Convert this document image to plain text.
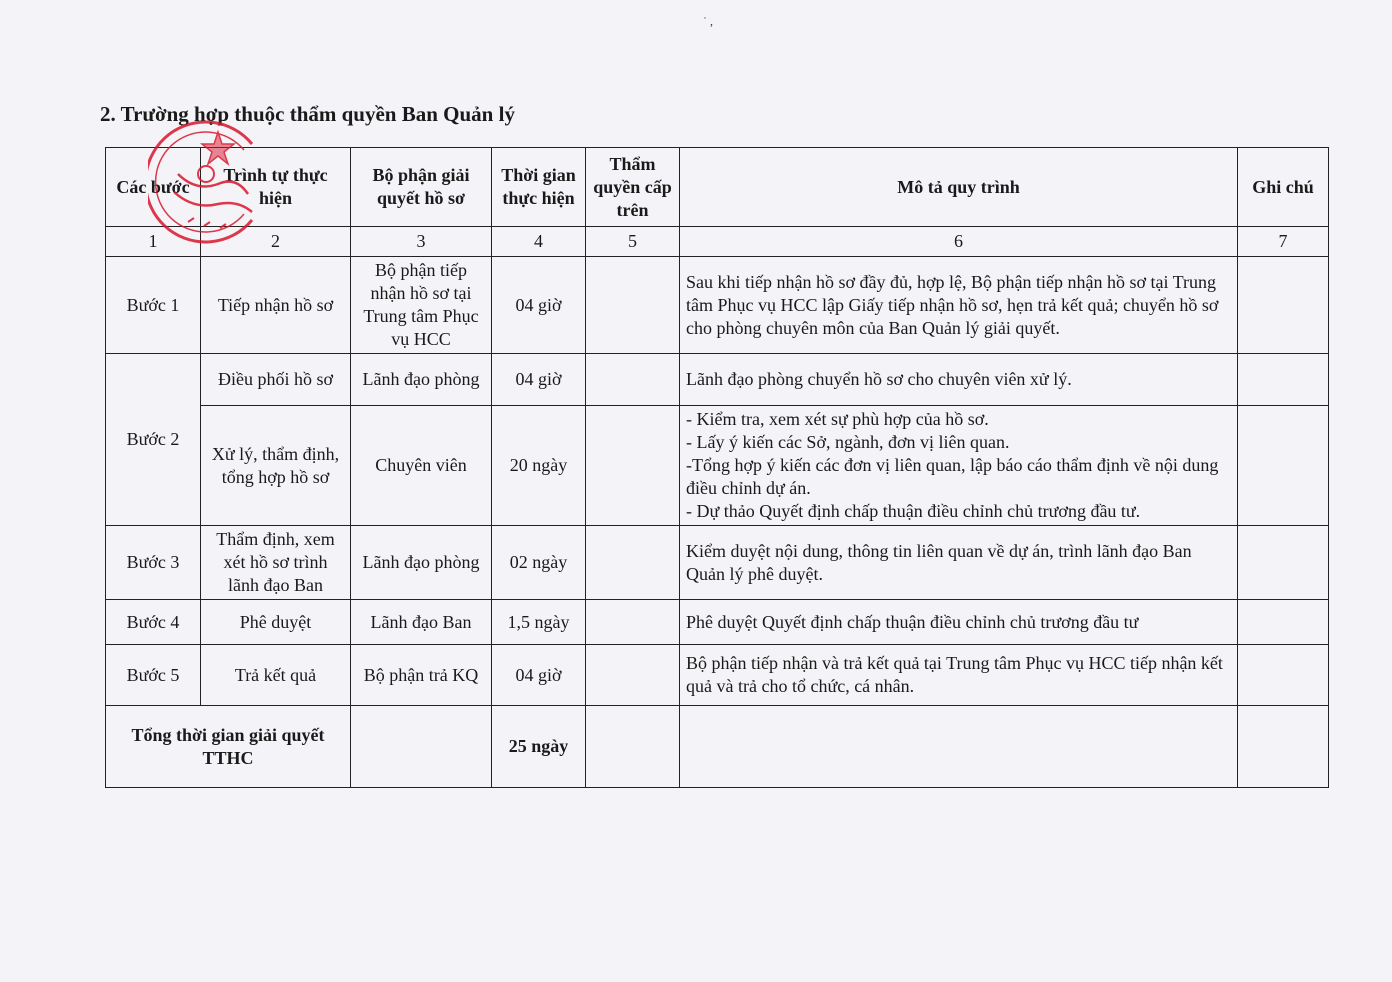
˙ ,
2. Trường hợp thuộc thẩm quyền Ban Quản lý
Các bước	Trình tự thực hiện	Bộ phận giải quyết hồ sơ	Thời gian thực hiện	Thẩm quyền cấp trên	Mô tả quy trình	Ghi chú
1	2	3	4	5	6	7
Bước 1	Tiếp nhận hồ sơ	Bộ phận tiếp nhận hồ sơ tại Trung tâm Phục vụ HCC	04 giờ		Sau khi tiếp nhận hồ sơ đầy đủ, hợp lệ, Bộ phận tiếp nhận hồ sơ tại Trung tâm Phục vụ HCC lập Giấy tiếp nhận hồ sơ, hẹn trả kết quả; chuyển hồ sơ cho phòng chuyên môn của Ban Quản lý giải quyết.	

Bước 2	Điều phối hồ sơ	Lãnh đạo phòng	04 giờ		Lãnh đạo phòng chuyển hồ sơ cho chuyên viên xử lý.	

	Xử lý, thẩm định, tổng hợp hồ sơ	Chuyên viên	20 ngày		- Kiểm tra, xem xét sự phù hợp của hồ sơ.
- Lấy ý kiến các Sở, ngành, đơn vị liên quan.
-Tổng hợp ý kiến các đơn vị liên quan, lập báo cáo thẩm định về nội dung điều chỉnh dự án.
- Dự thảo Quyết định chấp thuận điều chỉnh chủ trương đầu tư.	

Bước 3	Thẩm định, xem xét hồ sơ trình lãnh đạo Ban	Lãnh đạo phòng	02 ngày		Kiểm duyệt nội dung, thông tin liên quan về dự án, trình lãnh đạo Ban Quản lý phê duyệt.	

Bước 4	Phê duyệt	Lãnh đạo Ban	1,5 ngày		Phê duyệt Quyết định chấp thuận điều chỉnh chủ trương đầu tư	

Bước 5	Trả kết quả	Bộ phận trả KQ	04 giờ		Bộ phận tiếp nhận và trả kết quả tại Trung tâm Phục vụ HCC tiếp nhận kết quả và trả cho tổ chức, cá nhân.	

Tổng thời gian giải quyết TTHC			25 ngày			
